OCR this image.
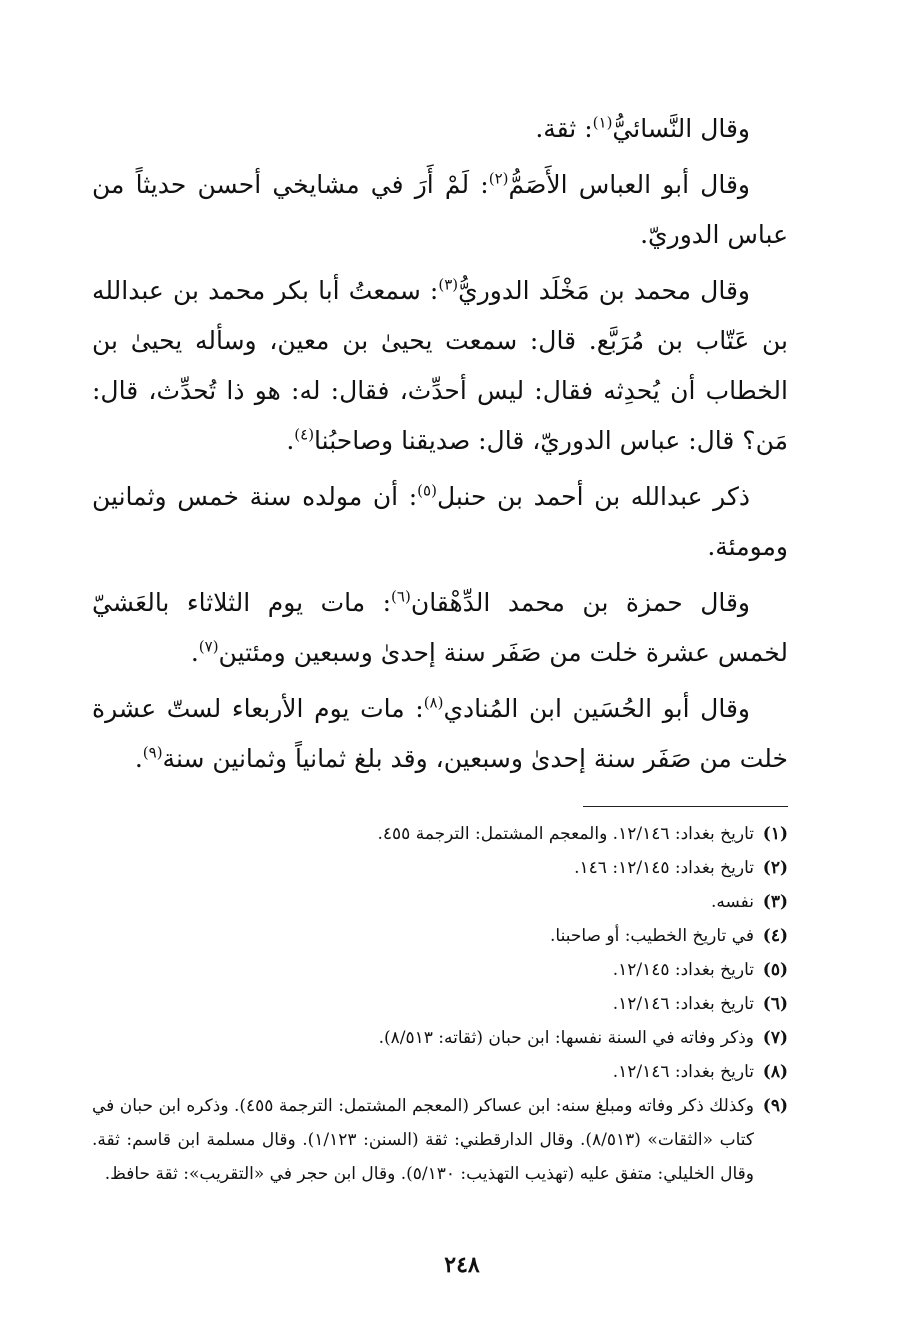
وقال النَّسائيُّ$^{(١)}$: ثقة.

وقال أبو العباس الأَصَمُّ$^{(٢)}$: لَمْ أَرَ في مشايخي أحسن حديثاً من عباس الدوريّ.

وقال محمد بن مَخْلَد الدوريُّ$^{(٣)}$: سمعتُ أبا بكر محمد بن عبدالله بن عَتّاب بن مُرَبَّع. قال: سمعت يحيىٰ بن معين، وسأله يحيىٰ بن الخطاب أن يُحدِثه فقال: ليس أحدِّث، فقال: له: هو ذا تُحدِّث، قال: مَن؟ قال: عباس الدوريّ، قال: صديقنا وصاحبُنا$^{(٤)}$.

ذكر عبدالله بن أحمد بن حنبل$^{(٥)}$: أن مولده سنة خمس وثمانين ومومئة.

وقال حمزة بن محمد الدِّهْقان$^{(٦)}$: مات يوم الثلاثاء بالعَشيّ لخمس عشرة خلت من صَفَر سنة إحدىٰ وسبعين ومئتين$^{(٧)}$.

وقال أبو الحُسَين ابن المُنادي$^{(٨)}$: مات يوم الأربعاء لستّ عشرة خلت من صَفَر سنة إحدىٰ وسبعين، وقد بلغ ثمانياً وثمانين سنة$^{(٩)}$.

(١)
تاريخ بغداد: ١٢/١٤٦. والمعجم المشتمل: الترجمة ٤٥٥.
(٢)
تاريخ بغداد: ١٢/١٤٥: ١٤٦.
(٣)
نفسه.
(٤)
في تاريخ الخطيب: أو صاحبنا.
(٥)
تاريخ بغداد: ١٢/١٤٥.
(٦)
تاريخ بغداد: ١٢/١٤٦.
(٧)
وذكر وفاته في السنة نفسها: ابن حبان (ثقاته: ٨/٥١٣).
(٨)
تاريخ بغداد: ١٢/١٤٦.
(٩)
وكذلك ذكر وفاته ومبلغ سنه: ابن عساكر (المعجم المشتمل: الترجمة ٤٥٥). وذكره ابن حبان في كتاب «الثقات» (٨/٥١٣). وقال الدارقطني: ثقة (السنن: ١/١٢٣). وقال مسلمة ابن قاسم: ثقة. وقال الخليلي: متفق عليه (تهذيب التهذيب: ٥/١٣٠). وقال ابن حجر في «التقريب»: ثقة حافظ.
٢٤٨
